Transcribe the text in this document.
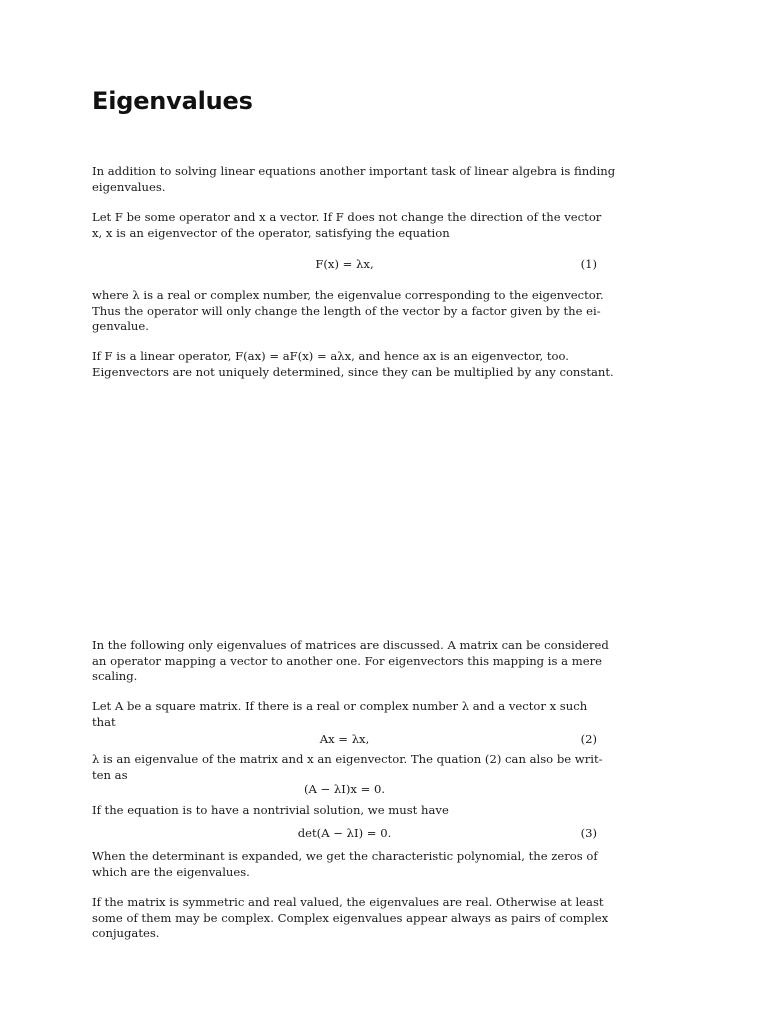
Eigenvalues
In addition to solving linear equations another important task of linear algebra is finding
eigenvalues.
Let F be some operator and x a vector. If F does not change the direction of the vector
x, x is an eigenvector of the operator, satisfying the equation
F(x) = λx,	(1)
where λ is a real or complex number, the eigenvalue corresponding to the eigenvector.
Thus the operator will only change the length of the vector by a factor given by the ei-
genvalue.
If F is a linear operator, F(ax) = aF(x) = aλx, and hence ax is an eigenvector, too.
Eigenvectors are not uniquely determined, since they can be multiplied by any constant.
In the following only eigenvalues of matrices are discussed. A matrix can be considered
an operator mapping a vector to another one. For eigenvectors this mapping is a mere
scaling.
Let A be a square matrix. If there is a real or complex number λ and a vector x such
that
Ax = λx,	(2)
λ is an eigenvalue of the matrix and x an eigenvector. The quation (2) can also be writ-
ten as
(A − λI)x = 0.
If the equation is to have a nontrivial solution, we must have
det(A − λI) = 0.	(3)
When the determinant is expanded, we get the characteristic polynomial, the zeros of
which are the eigenvalues.
If the matrix is symmetric and real valued, the eigenvalues are real. Otherwise at least
some of them may be complex. Complex eigenvalues appear always as pairs of complex
conjugates.
